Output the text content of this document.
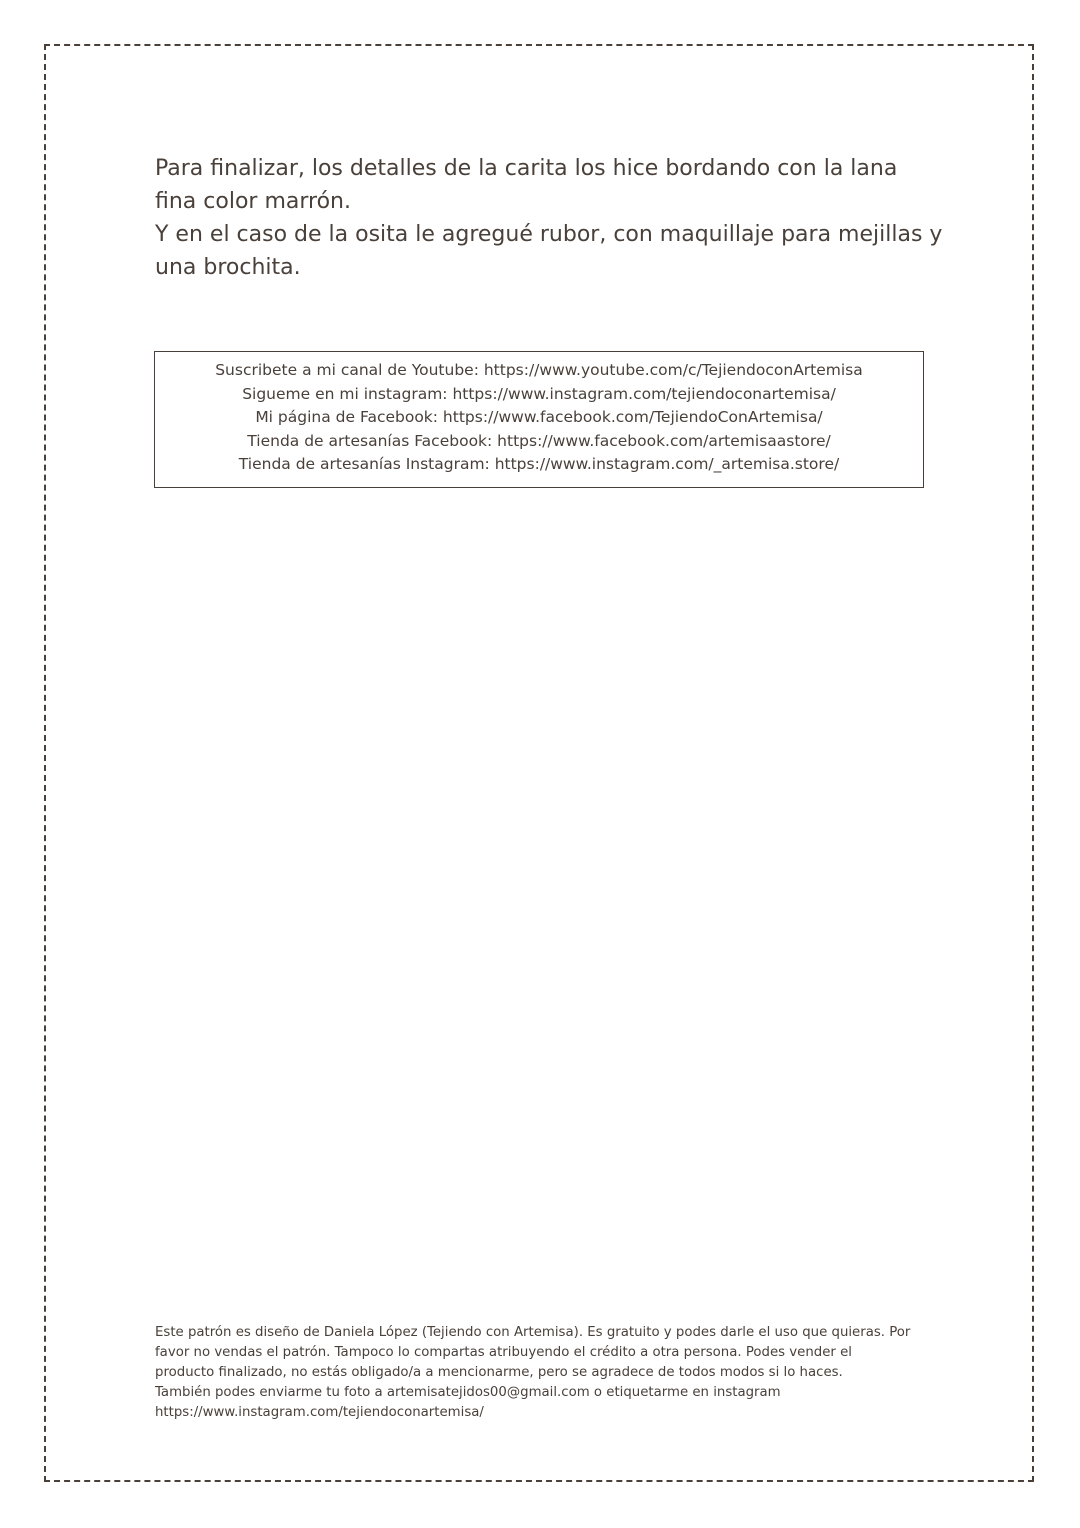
Para finalizar, los detalles de la carita los hice bordando con la lana fina color marrón.

Y en el caso de la osita le agregué rubor, con maquillaje para mejillas y una brochita.

Suscribete a mi canal de Youtube: https://www.youtube.com/c/TejiendoconArtemisa
Sigueme en mi instagram: https://www.instagram.com/tejiendoconartemisa/
Mi página de Facebook: https://www.facebook.com/TejiendoConArtemisa/
Tienda de artesanías Facebook: https://www.facebook.com/artemisaastore/
Tienda de artesanías Instagram: https://www.instagram.com/_artemisa.store/

Este patrón es diseño de Daniela López (Tejiendo con Artemisa). Es gratuito y podes darle el uso que quieras. Por favor no vendas el patrón. Tampoco lo compartas atribuyendo el crédito a otra persona. Podes vender el producto finalizado, no estás obligado/a a mencionarme, pero se agradece de todos modos si lo haces.

También podes enviarme tu foto a artemisatejidos00@gmail.com o etiquetarme en instagram

https://www.instagram.com/tejiendoconartemisa/
